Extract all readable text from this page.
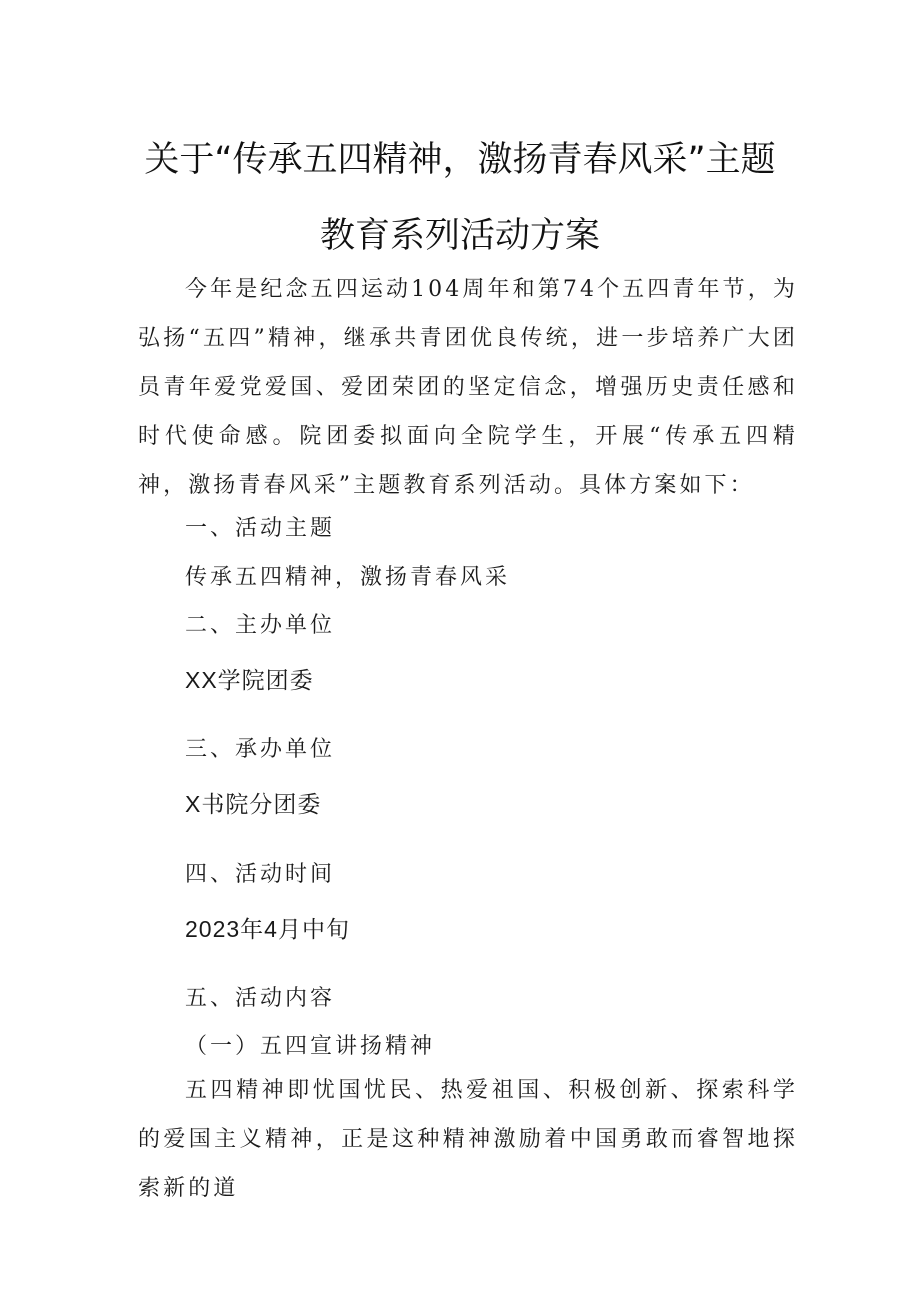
关于“传承五四精神，激扬青春风采”主题
教育系列活动方案

今年是纪念五四运动104周年和第74个五四青年节，为弘扬“五四”精神，继承共青团优良传统，进一步培养广大团员青年爱党爱国、爱团荣团的坚定信念，增强历史责任感和时代使命感。院团委拟面向全院学生，开展“传承五四精神，激扬青春风采”主题教育系列活动。具体方案如下：

一、活动主题
传承五四精神，激扬青春风采
二、主办单位
XX学院团委
三、承办单位
X书院分团委
四、活动时间
2023年4月中旬
五、活动内容
（一）五四宣讲扬精神

五四精神即忧国忧民、热爱祖国、积极创新、探索科学的爱国主义精神，正是这种精神激励着中国勇敢而睿智地探索新的道
